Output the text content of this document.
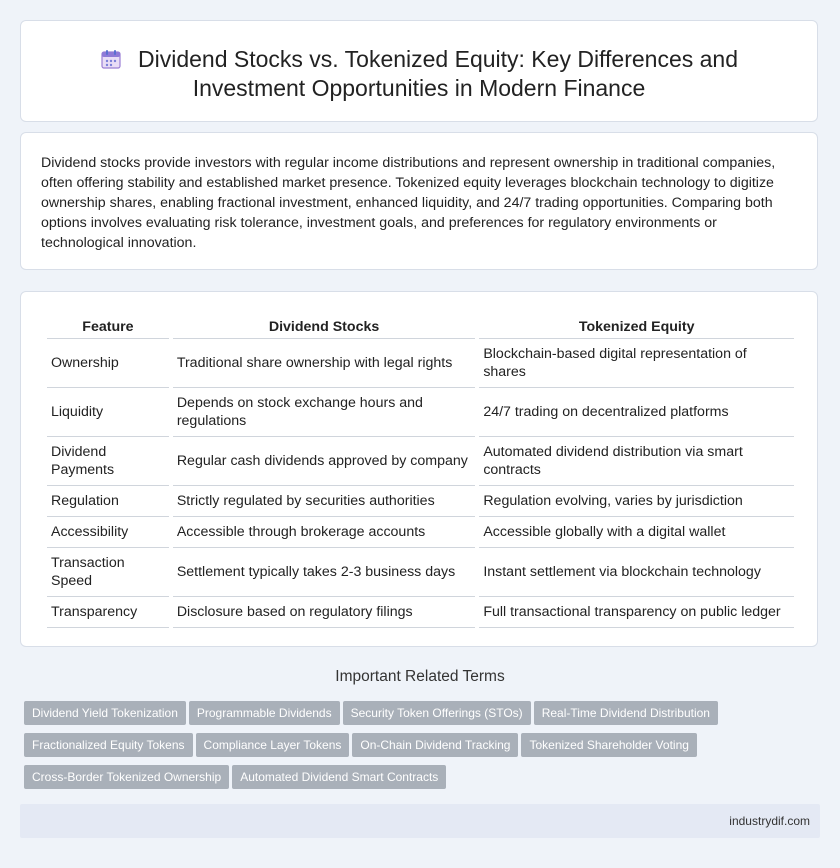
Dividend Stocks vs. Tokenized Equity: Key Differences and Investment Opportunities in Modern Finance

Dividend stocks provide investors with regular income distributions and represent ownership in traditional companies, often offering stability and established market presence. Tokenized equity leverages blockchain technology to digitize ownership shares, enabling fractional investment, enhanced liquidity, and 24/7 trading opportunities. Comparing both options involves evaluating risk tolerance, investment goals, and preferences for regulatory environments or technological innovation.

Feature	Dividend Stocks	Tokenized Equity
Ownership	Traditional share ownership with legal rights	Blockchain-based digital representation of shares
Liquidity	Depends on stock exchange hours and regulations	24/7 trading on decentralized platforms
Dividend Payments	Regular cash dividends approved by company	Automated dividend distribution via smart contracts
Regulation	Strictly regulated by securities authorities	Regulation evolving, varies by jurisdiction
Accessibility	Accessible through brokerage accounts	Accessible globally with a digital wallet
Transaction Speed	Settlement typically takes 2-3 business days	Instant settlement via blockchain technology
Transparency	Disclosure based on regulatory filings	Full transactional transparency on public ledger
Important Related Terms
Dividend Yield Tokenization Programmable Dividends Security Token Offerings (STOs) Real-Time Dividend Distribution
Fractionalized Equity Tokens Compliance Layer Tokens On-Chain Dividend Tracking Tokenized Shareholder Voting
Cross-Border Tokenized Ownership Automated Dividend Smart Contracts
industrydif.com
